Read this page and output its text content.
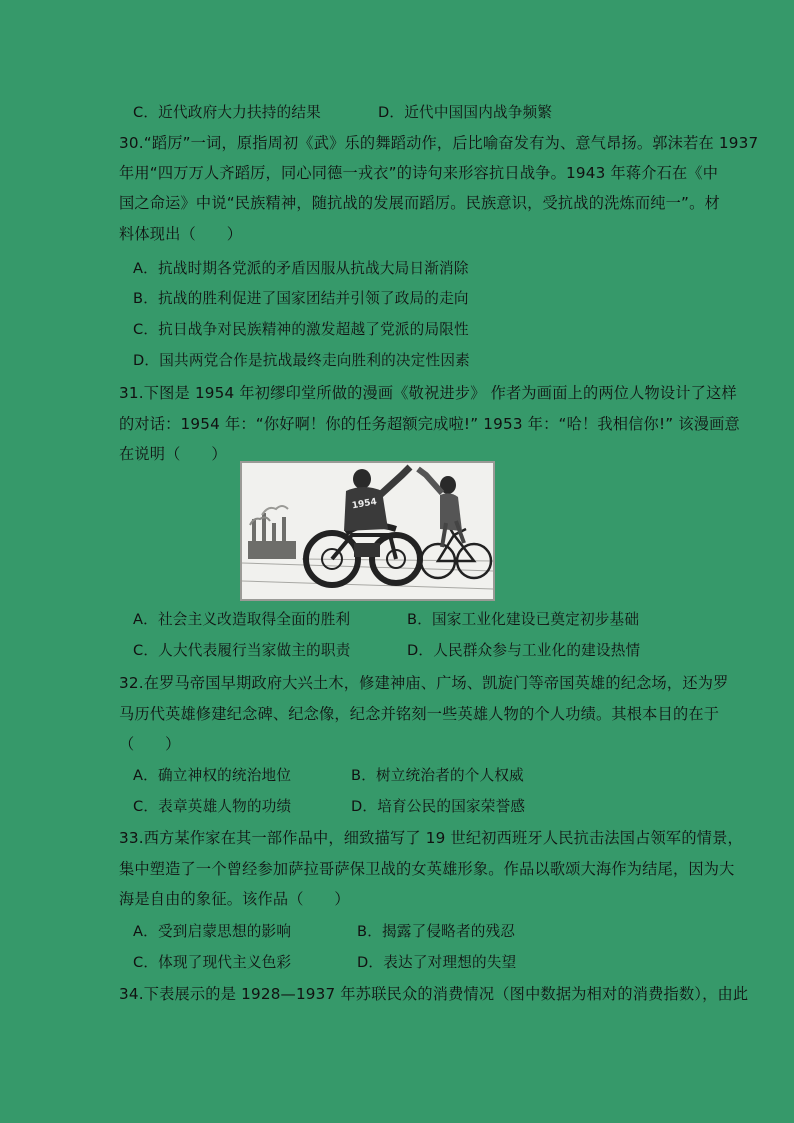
C．近代政府大力扶持的结果	D．近代中国国内战争频繁
30.“蹈厉”一词，原指周初《武》乐的舞蹈动作，后比喻奋发有为、意气昂扬。郭沫若在 1937
年用“四万万人齐蹈厉，同心同德一戎衣”的诗句来形容抗日战争。1943 年蒋介石在《中
国之命运》中说“民族精神，随抗战的发展而蹈厉。民族意识，受抗战的洗炼而纯一”。材
料体现出（　　）
A．抗战时期各党派的矛盾因服从抗战大局日渐消除
B．抗战的胜利促进了国家团结并引领了政局的走向
C．抗日战争对民族精神的激发超越了党派的局限性
D．国共两党合作是抗战最终走向胜利的决定性因素
31.下图是 1954 年初缪印堂所做的漫画《敬祝进步》 作者为画面上的两位人物设计了这样
的对话：1954 年：“你好啊！你的任务超额完成啦!” 1953 年：“哈！我相信你!” 该漫画意
在说明（　　）
1954
A．社会主义改造取得全面的胜利	B．国家工业化建设已奠定初步基础
C．人大代表履行当家做主的职责	D．人民群众参与工业化的建设热情
32.在罗马帝国早期政府大兴土木，修建神庙、广场、凯旋门等帝国英雄的纪念场，还为罗
马历代英雄修建纪念碑、纪念像，纪念并铭刻一些英雄人物的个人功绩。其根本目的在于
（　　）
A．确立神权的统治地位	B．树立统治者的个人权威
C．表章英雄人物的功绩	D．培育公民的国家荣誉感
33.西方某作家在其一部作品中，细致描写了 19 世纪初西班牙人民抗击法国占领军的情景，
集中塑造了一个曾经参加萨拉哥萨保卫战的女英雄形象。作品以歌颂大海作为结尾，因为大
海是自由的象征。该作品（　　）
A．受到启蒙思想的影响	B．揭露了侵略者的残忍
C．体现了现代主义色彩	D．表达了对理想的失望
34.下表展示的是 1928—1937 年苏联民众的消费情况（图中数据为相对的消费指数），由此
